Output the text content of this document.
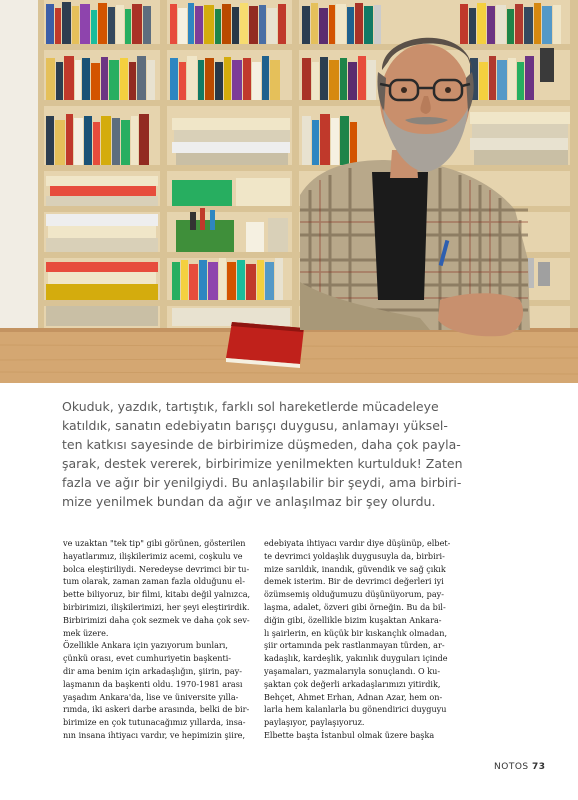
Okuduk, yazdık, tartıştık, farklı sol hareketlerde mücadeleye
katıldık, sanatın edebiyatın barışçı duygusu, anlamayı yüksel-
ten katkısı sayesinde de birbirimize düşmeden, daha çok payla-
şarak, destek vererek, birbirimize yenilmekten kurtulduk! Zaten
fazla ve ağır bir yenilgiydi. Bu anlaşılabilir bir şeydi, ama birbiri-
mize yenilmek bundan da ağır ve anlaşılmaz bir şey olurdu.
ve uzaktan "tek tip" gibi görünen, gösterilen
hayatlarımız, ilişkilerimiz acemi, coşkulu ve
bolca eleştiriliydi. Neredeyse devrimci bir tu-
tum olarak, zaman zaman fazla olduğunu el-
bette biliyoruz, bir filmi, kitabı değil yalnızca,
birbirimizi, ilişkilerimizi, her şeyi eleştirirdik.
Birbirimizi daha çok sezmek ve daha çok sev-
mek üzere.
Özellikle Ankara için yazıyorum bunları,
çünkü orası, evet cumhuriyetin başkenti-
dir ama benim için arkadaşlığın, şiirin, pay-
laşmanın da başkenti oldu. 1970-1981 arası
yaşadım Ankara'da, lise ve üniversite yılla-
rımda, iki askeri darbe arasında, belki de bir-
birimize en çok tutunacağımız yıllarda, insa-
nın insana ihtiyacı vardır, ve hepimizin şiire,
edebiyata ihtiyacı vardır diye düşünüp, elbet-
te devrimci yoldaşlık duygusuyla da, birbiri-
mize sarıldık, inandık, güvendik ve sağ çıkık
demek isterim. Bir de devrimci değerleri iyi
özümsemiş olduğumuzu düşünüyorum, pay-
laşma, adalet, özveri gibi örneğin. Bu da bil-
diğin gibi, özellikle bizim kuşaktan Ankara-
lı şairlerin, en küçük bir kıskançlık olmadan,
şiir ortamında pek rastlanmayan türden, ar-
kadaşlık, kardeşlik, yakınlık duyguları içinde
yaşamaları, yazmalarıyla sonuçlandı. O ku-
şaktan çok değerli arkadaşlarımızı yitirdik,
Behçet, Ahmet Erhan, Adnan Azar, hem on-
larla hem kalanlarla bu gönendirici duyguyu
paylaşıyor, paylaşıyoruz.
Elbette başta İstanbul olmak üzere başka
NOTOS 73
